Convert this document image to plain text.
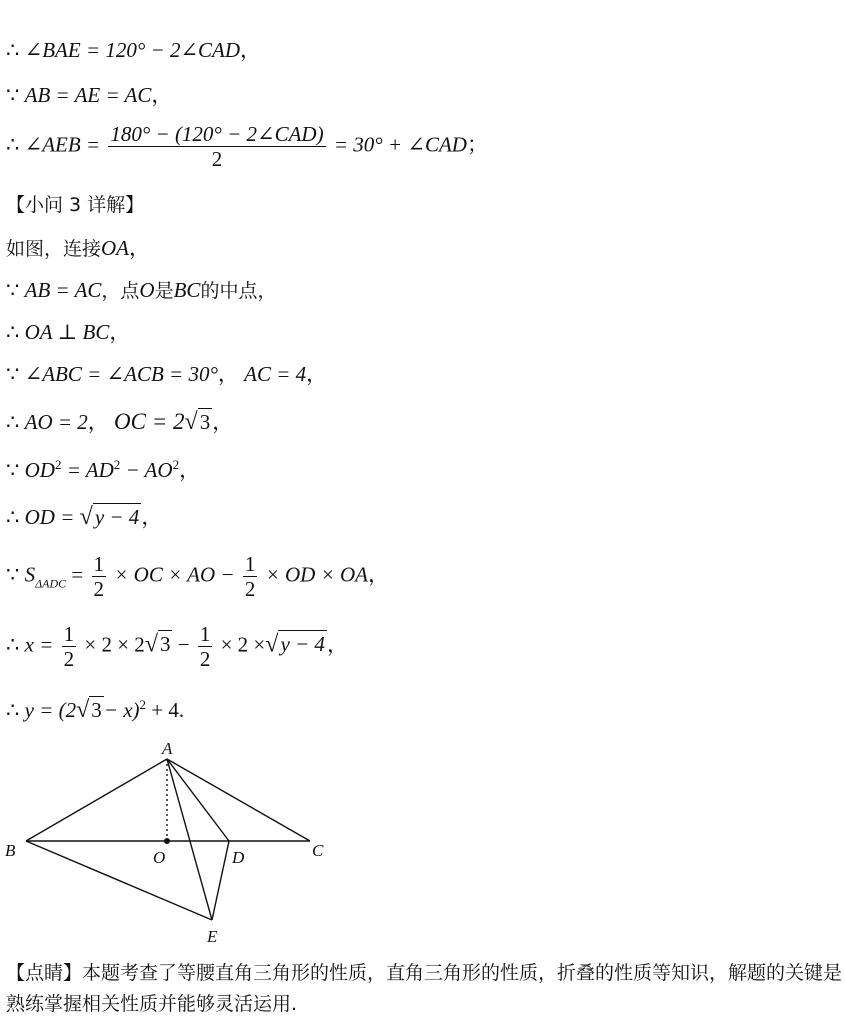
∴ ∠BAE = 120° − 2∠CAD，
∵ AB = AE = AC，
∴ ∠AEB = $\frac{\text{180° − (120° − 2∠CAD)}}{2} = 30^\circ$ + ∠CAD；
【小问 3 详解】
如图，连接OA，
∵ AB = AC，点O是BC的中点，
∴ OA ⊥ BC，
∵ ∠ABC = ∠ACB = 30°， AC = 4，
∴ AO = 2， OC = 2√3，
∵ $OD^2 = AD^2 - AO^2$，
∴ OD = √y − 4，
∵ $S_{\Delta ADC} = \frac{1}{2}$ × OC × AO − $\frac{1}{2}$ × OD × OA，
∴ $x = \frac{1}{2} \times 2 \times 2√3 - \frac{1}{2} \times 2 \times√y - 4$，
∴ $y = (2√3- x)^2 + 4$.
A
B	C
O	D
E
【点睛】本题考查了等腰直角三角形的性质，直角三角形的性质，折叠的性质等知识，解题的关键是熟练掌握相关性质并能够灵活运用.
